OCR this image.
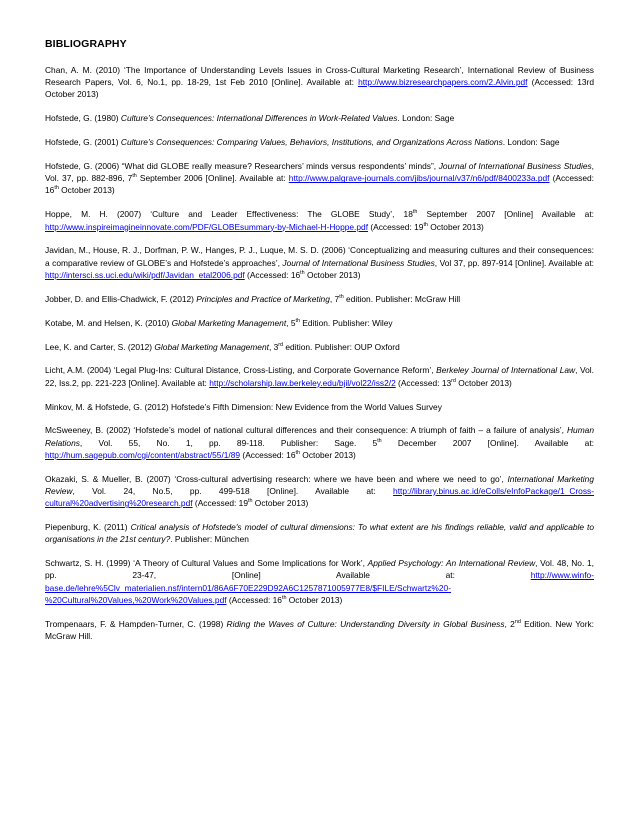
BIBLIOGRAPHY

Chan, A. M. (2010) ‘The Importance of Understanding Levels Issues in Cross-Cultural Marketing Research’, International Review of Business Research Papers, Vol. 6, No.1, pp. 18-29, 1st Feb 2010 [Online]. Available at: http://www.bizresearchpapers.com/2.Alvin.pdf (Accessed: 13rd October 2013)

Hofstede, G. (1980) Culture’s Consequences: International Differences in Work-Related Values. London: Sage

Hofstede, G. (2001) Culture’s Consequences: Comparing Values, Behaviors, Institutions, and Organizations Across Nations. London: Sage

Hofstede, G. (2006) “What did GLOBE really measure? Researchers’ minds versus respondents’ minds”, Journal of International Business Studies, Vol. 37, pp. 882-896, 7th September 2006 [Online]. Available at: http://www.palgrave-journals.com/jibs/journal/v37/n6/pdf/8400233a.pdf (Accessed: 16th October 2013)

Hoppe, M. H. (2007) ‘Culture and Leader Effectiveness: The GLOBE Study’, 18th September 2007 [Online] Available at: http://www.inspireimagineinnovate.com/PDF/GLOBEsummary-by-Michael-H-Hoppe.pdf (Accessed: 19th October 2013)

Javidan, M., House, R. J., Dorfman, P. W., Hanges, P. J., Luque, M. S. D. (2006) ‘Conceptualizing and measuring cultures and their consequences: a comparative review of GLOBE’s and Hofstede’s approaches’, Journal of International Business Studies, Vol 37, pp. 897-914 [Online]. Available at: http://intersci.ss.uci.edu/wiki/pdf/Javidan_etal2006.pdf (Accessed: 16th October 2013)

Jobber, D. and Ellis-Chadwick, F. (2012) Principles and Practice of Marketing, 7th edition. Publisher: McGraw Hill

Kotabe, M. and Helsen, K. (2010) Global Marketing Management, 5th Edition. Publisher: Wiley

Lee, K. and Carter, S. (2012) Global Marketing Management, 3rd edition. Publisher: OUP Oxford

Licht, A.M. (2004) ‘Legal Plug-Ins: Cultural Distance, Cross-Listing, and Corporate Governance Reform’, Berkeley Journal of International Law, Vol. 22, Iss.2, pp. 221-223 [Online]. Available at: http://scholarship.law.berkeley.edu/bjil/vol22/iss2/2 (Accessed: 13rd October 2013)

Minkov, M. & Hofstede, G. (2012) Hofstede’s Fifth Dimension: New Evidence from the World Values Survey

McSweeney, B. (2002) ‘Hofstede’s model of national cultural differences and their consequence: A triumph of faith – a failure of analysis’, Human Relations, Vol. 55, No. 1, pp. 89-118. Publisher: Sage. 5th December 2007 [Online]. Available at: http://hum.sagepub.com/cgi/content/abstract/55/1/89 (Accessed: 16th October 2013)

Okazaki, S. & Mueller, B. (2007) ‘Cross-cultural advertising research: where we have been and where we need to go’, International Marketing Review, Vol. 24, No.5, pp. 499-518 [Online]. Available at: http://library.binus.ac.id/eColls/eInfoPackage/1_Cross-cultural%20advertising%20research.pdf (Accessed: 19th October 2013)

Piepenburg, K. (2011) Critical analysis of Hofstede's model of cultural dimensions: To what extent are his findings reliable, valid and applicable to organisations in the 21st century?. Publisher: München

Schwartz, S. H. (1999) ‘A Theory of Cultural Values and Some Implications for Work’, Applied Psychology: An International Review, Vol. 48, No. 1, pp. 23-47, [Online] Available at: http://www.winfo-base.de/lehre%5Clv_materialien.nsf/intern01/86A6F70E229D92A6C1257871005977E8/$FILE/Schwartz%20-%20Cultural%20Values,%20Work%20Values.pdf (Accessed: 16th October 2013)

Trompenaars, F. & Hampden-Turner, C. (1998) Riding the Waves of Culture: Understanding Diversity in Global Business, 2nd Edition. New York: McGraw Hill.
